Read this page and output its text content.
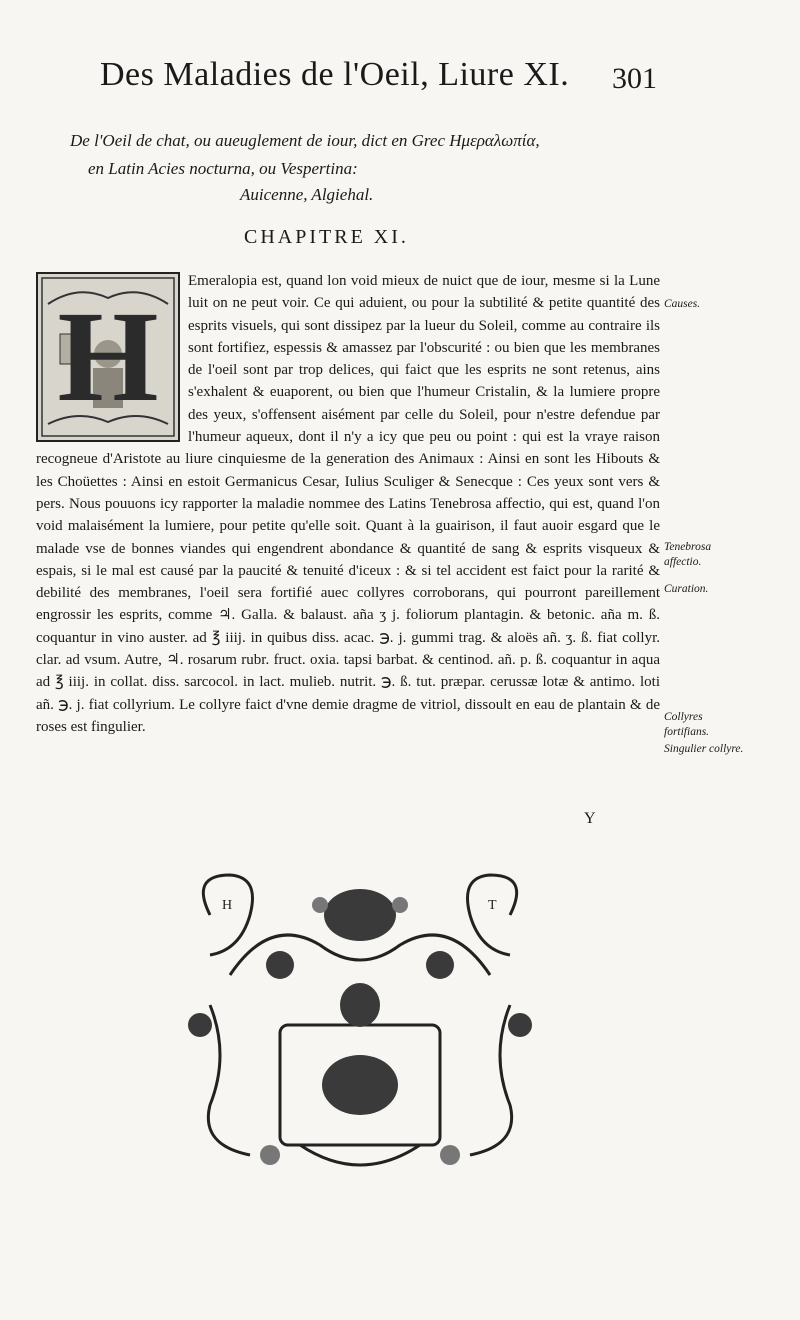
Des Maladies de l'Oeil, Liure XI. 301
De l'Oeil de chat, ou aueuglement de iour, dict en Grec Hμεραλωπία,
en Latin Acies nocturna, ou Vespertina:
Auicenne, Algiehal.
CHAPITRE XI.

Emeralopia est, quand lon void mieux de nuict que de iour, mesme si la Lune luit on ne peut voir. Ce qui aduient, ou pour la subtilité & petite quantité des esprits visuels, qui sont dissipez par la lueur du Soleil, comme au contraire ils sont fortifiez, espessis & amassez par l'obscurité : ou bien que les membranes de l'oeil sont par trop delices, qui faict que les esprits ne sont retenus, ains s'exhalent & euaporent, ou bien que l'humeur Cristalin, & la lumiere propre des yeux, s'offensent aisément par celle du Soleil, pour n'estre defendue par l'humeur aqueux, dont il n'y a icy que peu ou point : qui est la vraye raison recogneue d'Aristote au liure cinquiesme de la generation des Animaux : Ainsi en sont les Hibouts & les Choüettes : Ainsi en estoit Germanicus Cesar, Iulius Sculiger & Senecque : Ces yeux sont vers & pers. Nous pouuons icy rapporter la maladie nommee des Latins Tenebrosa affectio, qui est, quand l'on void malaisément la lumiere, pour petite qu'elle soit. Quant à la guairison, il faut auoir esgard que le malade vse de bonnes viandes qui engendrent abondance & quantité de sang & esprits visqueux & espais, si le mal est causé par la paucité & tenuité d'iceux : & si tel accident est faict pour la rarité & debilité des membranes, l'oeil sera fortifié auec collyres corroborans, qui pourront pareillement engrossir les esprits, comme ♃. Galla. & balaust. aña ʒ j. foliorum plantagin. & betonic. aña m. ß. coquantur in vino auster. ad ℥ iiij. in quibus diss. acac. ℈. j. gummi trag. & aloës añ. ʒ. ß. fiat collyr. clar. ad vsum. Autre, ♃. rosarum rubr. fruct. oxia. tapsi barbat. & centinod. añ. p. ß. coquantur in aqua ad ℥ iiij. in collat. diss. sarcocol. in lact. mulieb. nutrit. ℈. ß. tut. præpar. cerussæ lotæ & antimo. loti añ. ℈. j. fiat collyrium. Le collyre faict d'vne demie dragme de vitriol, dissoult en eau de plantain & de roses est fingulier.

H	Causes.
Tenebrosa affectio.
Curation.
Collyres fortifians.
Singulier collyre.
Y
H	T
